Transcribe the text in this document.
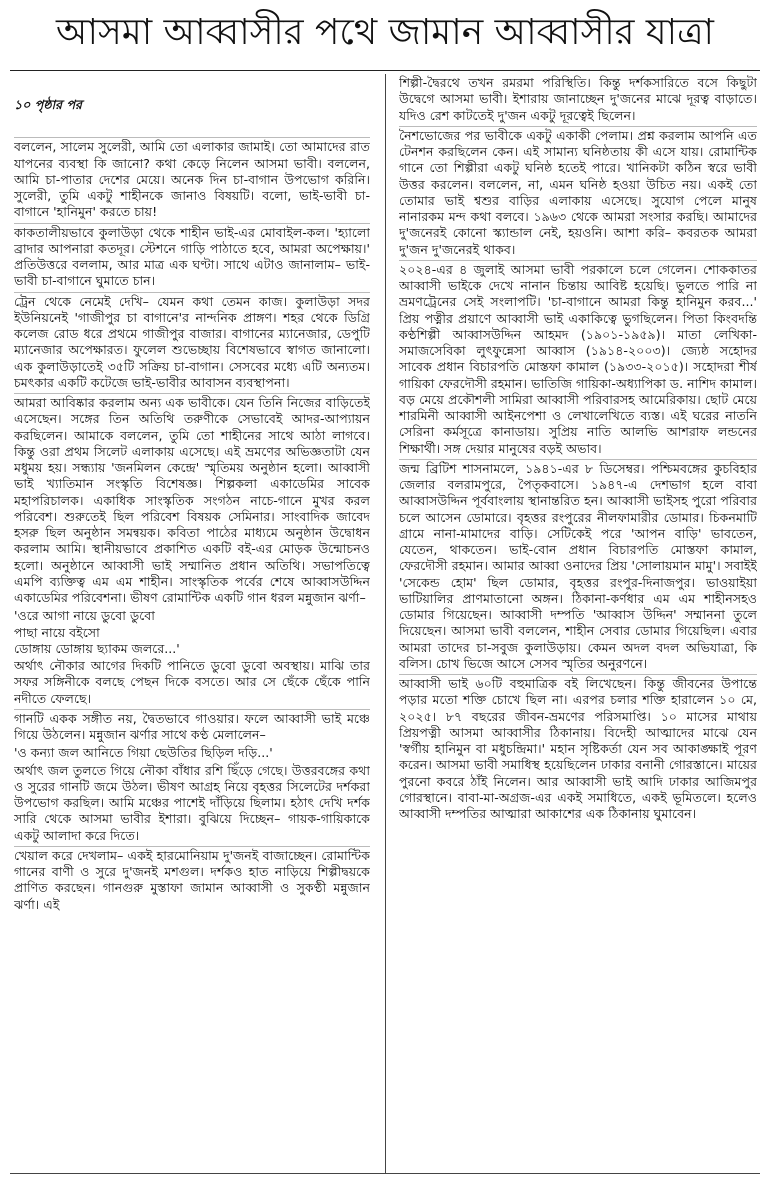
আসমা আব্বাসীর পথে জামান আব্বাসীর যাত্রা

১০ পৃষ্ঠার পর

বললেন, সালেম সুলেরী, আমি তো এলাকার জামাই। তো আমাদের রাত যাপনের ব্যবস্থা কি জানো? কথা কেড়ে নিলেন আসমা ভাবী। বললেন, আমি চা-পাতার দেশের মেয়ে। অনেক দিন চা-বাগান উপভোগ করিনি। সুলেরী, তুমি একটু শাহীনকে জানাও বিষয়টি। বলো, ভাই-ভাবী চা-বাগানে 'হানিমুন' করতে চায়!

কাকতালীয়ভাবে কুলাউড়া থেকে শাহীন ভাই-এর মোবাইল-কল। 'হ্যালো ব্রাদার আপনারা কতদূর। স্টেশনে গাড়ি পাঠাতে হবে, আমরা অপেক্ষায়।' প্রতিউত্তরে বললাম, আর মাত্র এক ঘণ্টা। সাথে এটাও জানালাম– ভাই-ভাবী চা-বাগানে ঘুমাতে চান।

ট্রেন থেকে নেমেই দেখি– যেমন কথা তেমন কাজ। কুলাউড়া সদর ইউনিয়নেই 'গাজীপুর চা বাগানে'র নান্দনিক প্রাঙ্গণ। শহর থেকে ডিগ্রি কলেজ রোড ধরে প্রথমে গাজীপুর বাজার। বাগানের ম্যানেজার, ডেপুটি ম্যানেজার অপেক্ষারত। ফুলেল শুভেচ্ছায় বিশেষভাবে স্বাগত জানালো। এক কুলাউড়াতেই ৩৫টি সক্রিয় চা-বাগান। সেসবের মধ্যে এটি অন্যতম। চমৎকার একটি কটেজে ভাই-ভাবীর আবাসন ব্যবস্থাপনা।

আমরা আবিষ্কার করলাম অন্য এক ভাবীকে। যেন তিনি নিজের বাড়িতেই এসেছেন। সঙ্গের তিন অতিথি তরুণীকে সেভাবেই আদর-আপ্যায়ন করছিলেন। আমাকে বললেন, তুমি তো শাহীনের সাথে আঠা লাগবে। কিন্তু ওরা প্রথম সিলেট এলাকায় এসেছে। এই ভ্রমণের অভিজ্ঞতাটা যেন মধুময় হয়। সন্ধ্যায় 'জনমিলন কেন্দ্রে' স্মৃতিময় অনুষ্ঠান হলো। আব্বাসী ভাই খ্যাতিমান সংস্কৃতি বিশেষজ্ঞ। শিল্পকলা একাডেমির সাবেক মহাপরিচালক। একাধিক সাংস্কৃতিক সংগঠন নাচে-গানে মুখর করল পরিবেশ। শুরুতেই ছিল পরিবেশ বিষয়ক সেমিনার। সাংবাদিক জাবেদ হসরু ছিল অনুষ্ঠান সমন্বয়ক। কবিতা পাঠের মাধ্যমে অনুষ্ঠান উদ্বোধন করলাম আমি। স্থানীয়ভাবে প্রকাশিত একটি বই-এর মোড়ক উন্মোচনও হলো। অনুষ্ঠানে আব্বাসী ভাই সম্মানিত প্রধান অতিথি। সভাপতিত্বে এমপি ব্যক্তিত্ব এম এম শাহীন। সাংস্কৃতিক পর্বের শেষে আব্বাসউদ্দিন একাডেমির পরিবেশনা। ভীষণ রোমান্টিক একটি গান ধরল মন্নুজান ঝর্ণা–

'ওরে আগা নায়ে ডুবো ডুবো
পাছা নায়ে বইসো
ডোঙ্গায় ডোঙ্গায় ছ্যাকম জলরে...'

অর্থাৎ নৌকার আগের দিকটি পানিতে ডুবো ডুবো অবস্থায়। মাঝি তার সফর সঙ্গিনীকে বলছে পেছন দিকে বসতে। আর সে ছেঁকে ছেঁকে পানি নদীতে ফেলছে।

গানটি একক সঙ্গীত নয়, দ্বৈতভাবে গাওয়ার। ফলে আব্বাসী ভাই মঞ্চে গিয়ে উঠলেন। মন্নুজান ঝর্ণার সাথে কণ্ঠ মেলালেন–

'ও কন্যা জল আনিতে গিয়া ছেউতির ছিড়িল দড়ি...'

অর্থাৎ জল তুলতে গিয়ে নৌকা বাঁধার রশি ছিঁড়ে গেছে। উত্তরবঙ্গের কথা ও সুরের গানটি জমে উঠল। ভীষণ আগ্রহ নিয়ে বৃহত্তর সিলেটের দর্শকরা উপভোগ করছিল। আমি মঞ্চের পাশেই দাঁড়িয়ে ছিলাম। হঠাৎ দেখি দর্শক সারি থেকে আসমা ভাবীর ইশারা। বুঝিয়ে দিচ্ছেন– গায়ক-গায়িকাকে একটু আলাদা করে দিতে।

খেয়াল করে দেখলাম– একই হারমোনিয়াম দু'জনই বাজাচ্ছেন। রোমান্টিক গানের বাণী ও সুরে দু'জনই মশগুল। দর্শকও হাত নাড়িয়ে শিল্পীদ্বয়কে প্রাণিত করছেন। গানগুরু মুস্তাফা জামান আব্বাসী ও সুকণ্ঠী মন্নুজান ঝর্ণা। এই

শিল্পী-দ্বৈরথে তখন রমরমা পরিস্থিতি। কিন্তু দর্শকসারিতে বসে কিছুটা উদ্বেগে আসমা ভাবী। ইশারায় জানাচ্ছেন দু'জনের মাঝে দূরত্ব বাড়াতে। যদিও রেশ কাটতেই দু'জন একটু দূরত্বেই ছিলেন।

নৈশভোজের পর ভাবীকে একটু একাকী পেলাম। প্রশ্ন করলাম আপনি এত টেনশন করছিলেন কেন। এই সামান্য ঘনিষ্ঠতায় কী এসে যায়। রোমান্টিক গানে তো শিল্পীরা একটু ঘনিষ্ঠ হতেই পারে। খানিকটা কঠিন স্বরে ভাবী উত্তর করলেন। বললেন, না, এমন ঘনিষ্ঠ হওয়া উচিত নয়। একই তো তোমার ভাই শ্বশুর বাড়ির এলাকায় এসেছে। সুযোগ পেলে মানুষ নানারকম মন্দ কথা বলবে। ১৯৬৩ থেকে আমরা সংসার করছি। আমাদের দু'জনেরই কোনো স্ক্যান্ডাল নেই, হয়ওনি। আশা করি– কবরতক আমরা দু'জন দু'জনেরই থাকব।

২০২৪-এর ৪ জুলাই আসমা ভাবী পরকালে চলে গেলেন। শোককাতর আব্বাসী ভাইকে দেখে নানান চিন্তায় আবিষ্ট হয়েছি। ভুলতে পারি না ভ্রমণট্রেনের সেই সংলাপটি। 'চা-বাগানে আমরা কিন্তু হানিমুন করব...' প্রিয় পত্নীর প্রয়াণে আব্বাসী ভাই একাকিত্বে ভুগছিলেন। পিতা কিংবদন্তি কণ্ঠশিল্পী আব্বাসউদ্দিন আহমদ (১৯০১-১৯৫৯)। মাতা লেখিকা-সমাজসেবিকা লুৎফুন্নেসা আব্বাস (১৯১৪-২০০৩)। জ্যেষ্ঠ সহোদর সাবেক প্রধান বিচারপতি মোস্তফা কামাল (১৯৩৩-২০১৫)। সহোদরা শীর্ষ গায়িকা ফেরদৌসী রহমান। ভাতিজি গায়িকা-অধ্যাপিকা ড. নাশিদ কামাল। বড় মেয়ে প্রকৌশলী সামিরা আব্বাসী পরিবারসহ আমেরিকায়। ছোট মেয়ে শারমিনী আব্বাসী আইনপেশা ও লেখালেখিতে ব্যস্ত। এই ঘরের নাতনি সেরিনা কর্মসূত্রে কানাডায়। সুপ্রিয় নাতি আলভি আশরাফ লন্ডনের শিক্ষার্থী। সঙ্গ দেয়ার মানুষের বড়ই অভাব।

জন্ম ব্রিটিশ শাসনামলে, ১৯৪১-এর ৮ ডিসেম্বর। পশ্চিমবঙ্গের কুচবিহার জেলার বলরামপুরে, পৈতৃকবাসে। ১৯৪৭-এ দেশভাগ হলে বাবা আব্বাসউদ্দিন পূর্ববাংলায় স্থানান্তরিত হন। আব্বাসী ভাইসহ পুরো পরিবার চলে আসেন ডোমারে। বৃহত্তর রংপুরের নীলফামারীর ডোমার। চিকনমাটি গ্রামে নানা-মামাদের বাড়ি। সেটিকেই পরে 'আপন বাড়ি' ভাবতেন, যেতেন, থাকতেন। ভাই-বোন প্রধান বিচারপতি মোস্তফা কামাল, ফেরদৌসী রহমান। আমার আব্বা ওনাদের প্রিয় 'সোলায়মান মামু'। সবাইই 'সেকেন্ড হোম' ছিল ডোমার, বৃহত্তর রংপুর-দিনাজপুর। ভাওয়াইয়া ভাটিয়ালির প্রাণমাতানো অঙ্গন। ঠিকানা-কর্ণধার এম এম শাহীনসহও ডোমার গিয়েছেন। আব্বাসী দম্পতি 'আব্বাস উদ্দিন' সম্মাননা তুলে দিয়েছেন। আসমা ভাবী বললেন, শাহীন সেবার ডোমার গিয়েছিল। এবার আমরা তাদের চা-সবুজ কুলাউড়ায়। কেমন অদল বদল অভিযাত্রা, কি বলিস। চোখ ভিজে আসে সেসব স্মৃতির অনুরণনে।

আব্বাসী ভাই ৬০টি বহুমাত্রিক বই লিখেছেন। কিন্তু জীবনের উপান্তে পড়ার মতো শক্তি চোখে ছিল না। এরপর চলার শক্তি হারালেন ১০ মে, ২০২৫। ৮৭ বছরের জীবন-ভ্রমণের পরিসমাপ্তি। ১০ মাসের মাথায় প্রিয়পত্নী আসমা আব্বাসীর ঠিকানায়। বিদেহী আত্মাদের মাঝে যেন 'স্বর্গীয় হানিমুন বা মধুচন্দ্রিমা।' মহান সৃষ্টিকর্তা যেন সব আকাঙ্ক্ষাই পূরণ করেন। আসমা ভাবী সমাধিস্থ হয়েছিলেন ঢাকার বনানী গোরস্তানে। মায়ের পুরনো কবরে ঠাঁই নিলেন। আর আব্বাসী ভাই আদি ঢাকার আজিমপুর গোরস্থানে। বাবা-মা-অগ্রজ-এর একই সমাধিতে, একই ভূমিতলে। হলেও আব্বাসী দম্পতির আত্মারা আকাশের এক ঠিকানায় ঘুমাবেন।
